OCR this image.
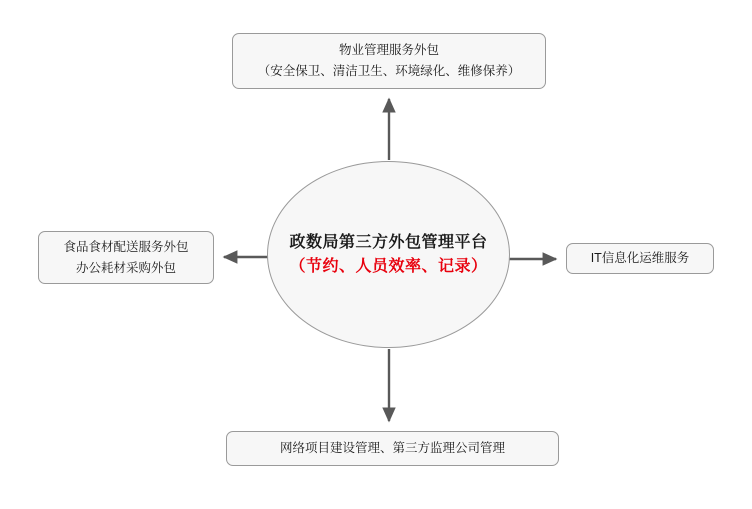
政数局第三方外包管理平台
（节约、人员效率、记录）
物业管理服务外包
（安全保卫、清洁卫生、环境绿化、维修保养）
食品食材配送服务外包
办公耗材采购外包
IT信息化运维服务
网络项目建设管理、第三方监理公司管理
